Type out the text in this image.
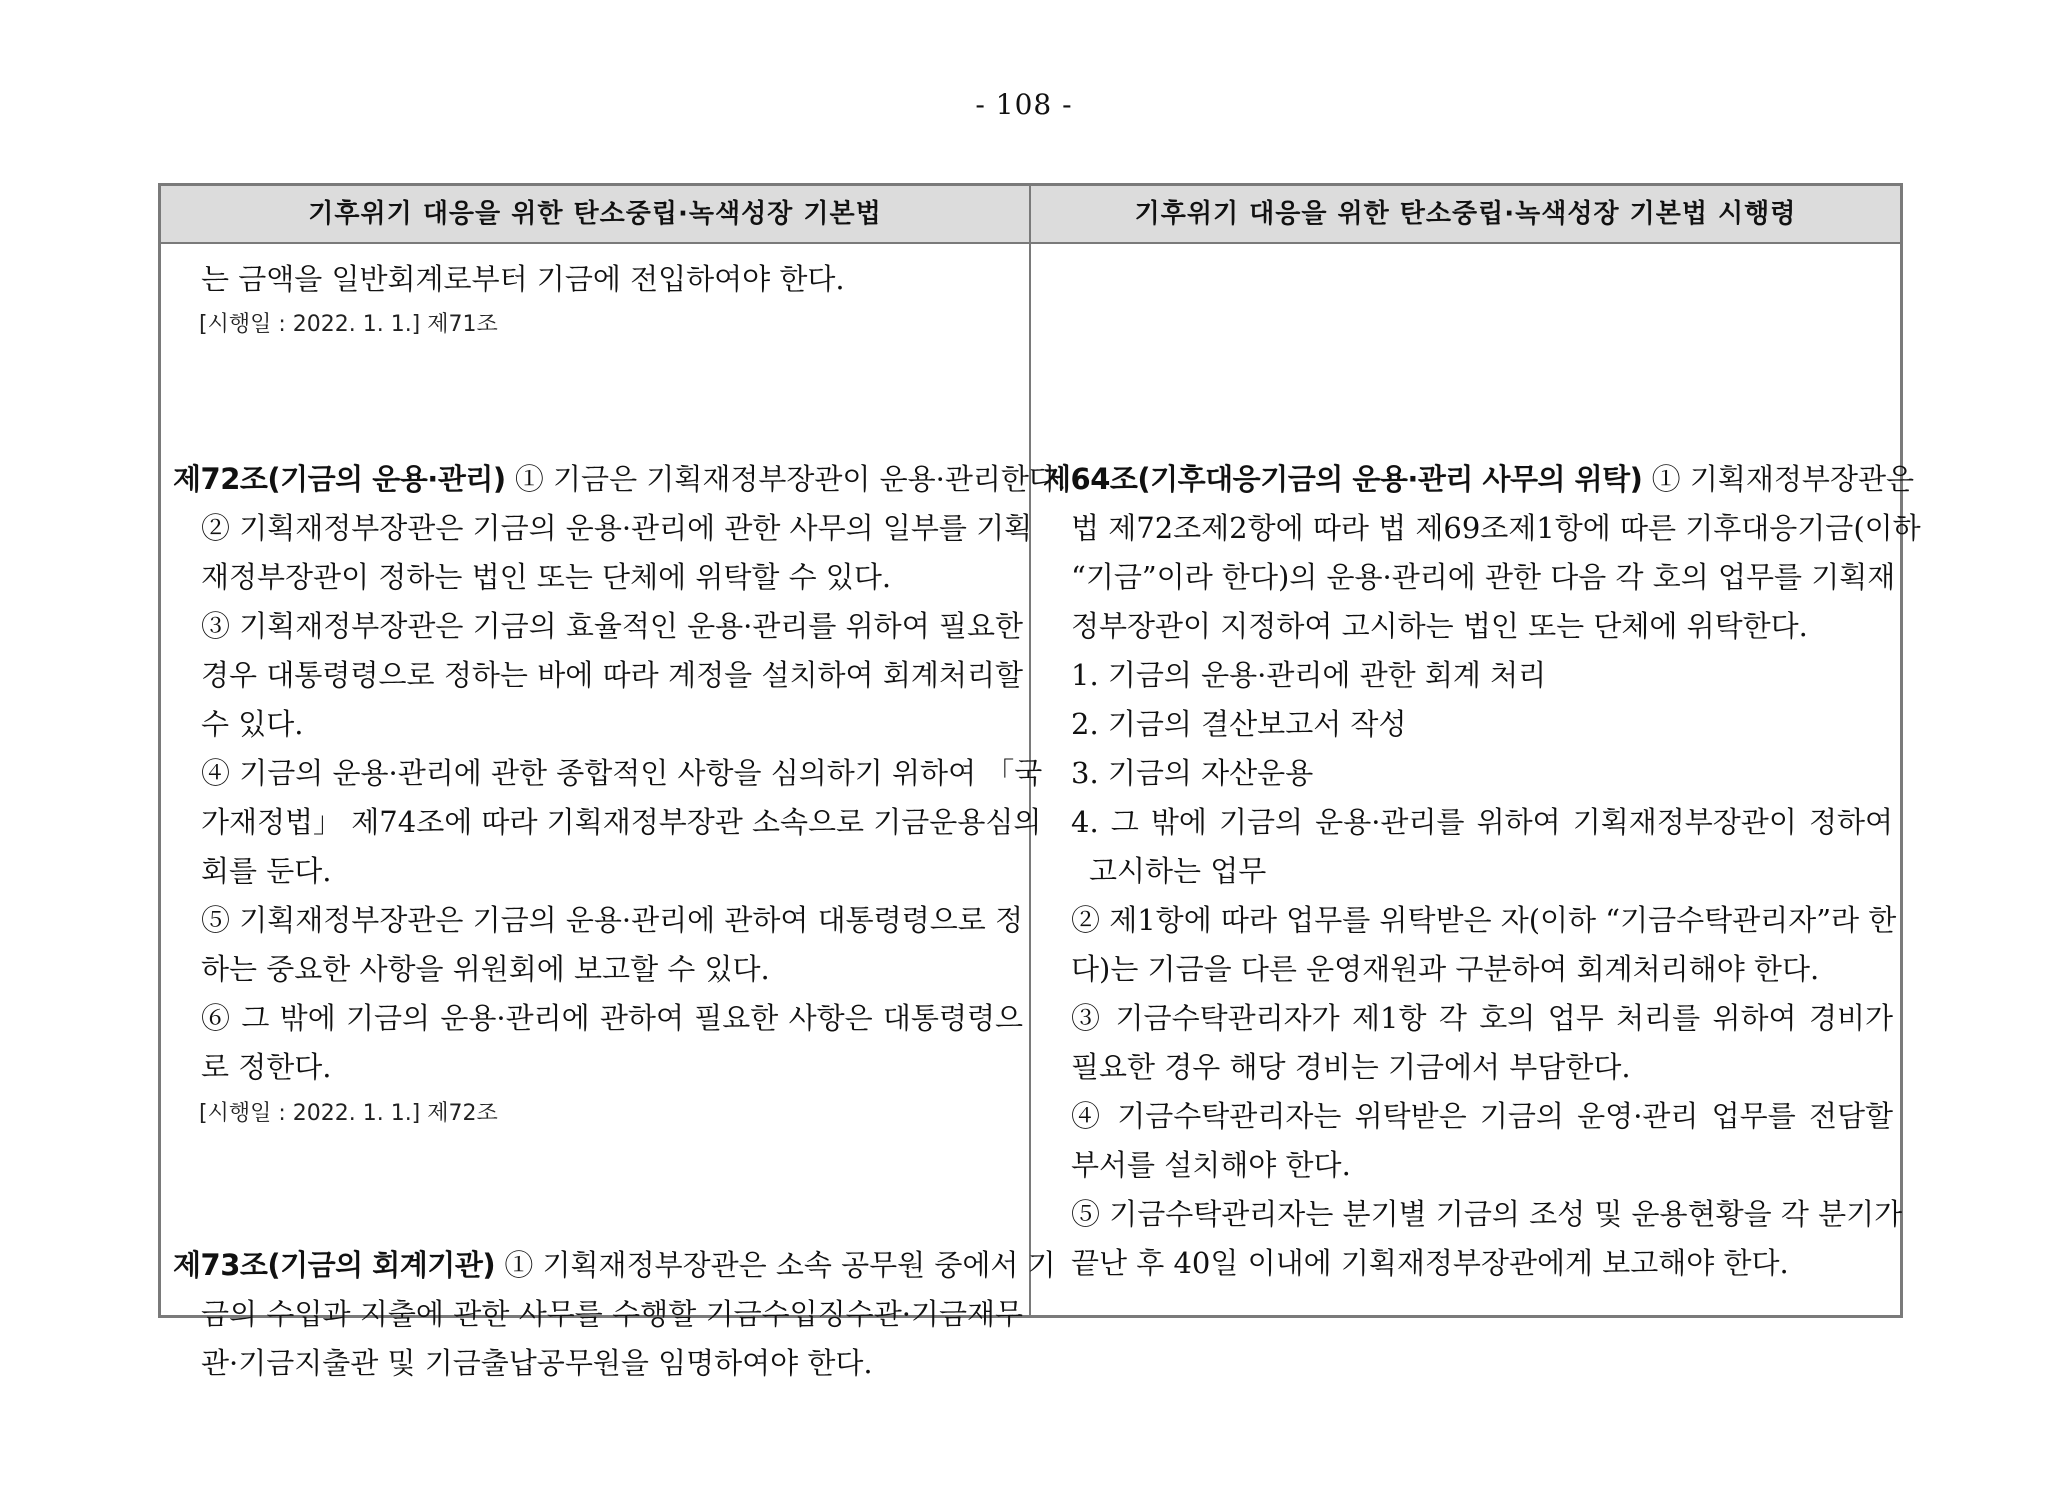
- 108 -
기후위기 대응을 위한 탄소중립·녹색성장 기본법	기후위기 대응을 위한 탄소중립·녹색성장 기본법 시행령
는 금액을 일반회계로부터 기금에 전입하여야 한다.
[시행일 : 2022. 1. 1.] 제71조
제72조(기금의 운용·관리) ① 기금은 기획재정부장관이 운용·관리한다.
② 기획재정부장관은 기금의 운용·관리에 관한 사무의 일부를 기획
재정부장관이 정하는 법인 또는 단체에 위탁할 수 있다.
③ 기획재정부장관은 기금의 효율적인 운용·관리를 위하여 필요한
경우 대통령령으로 정하는 바에 따라 계정을 설치하여 회계처리할
수 있다.
④ 기금의 운용·관리에 관한 종합적인 사항을 심의하기 위하여 「국
가재정법」 제74조에 따라 기획재정부장관 소속으로 기금운용심의
회를 둔다.
⑤ 기획재정부장관은 기금의 운용·관리에 관하여 대통령령으로 정
하는 중요한 사항을 위원회에 보고할 수 있다.
⑥ 그 밖에 기금의 운용·관리에 관하여 필요한 사항은 대통령령으
로 정한다.
[시행일 : 2022. 1. 1.] 제72조
제73조(기금의 회계기관) ① 기획재정부장관은 소속 공무원 중에서 기
금의 수입과 지출에 관한 사무를 수행할 기금수입징수관·기금재무
관·기금지출관 및 기금출납공무원을 임명하여야 한다.
제64조(기후대응기금의 운용·관리 사무의 위탁) ① 기획재정부장관은
법 제72조제2항에 따라 법 제69조제1항에 따른 기후대응기금(이하
“기금”이라 한다)의 운용·관리에 관한 다음 각 호의 업무를 기획재
정부장관이 지정하여 고시하는 법인 또는 단체에 위탁한다.
1. 기금의 운용·관리에 관한 회계 처리
2. 기금의 결산보고서 작성
3. 기금의 자산운용
4. 그 밖에 기금의 운용·관리를 위하여 기획재정부장관이 정하여
고시하는 업무
② 제1항에 따라 업무를 위탁받은 자(이하 “기금수탁관리자”라 한
다)는 기금을 다른 운영재원과 구분하여 회계처리해야 한다.
③ 기금수탁관리자가 제1항 각 호의 업무 처리를 위하여 경비가
필요한 경우 해당 경비는 기금에서 부담한다.
④ 기금수탁관리자는 위탁받은 기금의 운영·관리 업무를 전담할
부서를 설치해야 한다.
⑤ 기금수탁관리자는 분기별 기금의 조성 및 운용현황을 각 분기가
끝난 후 40일 이내에 기획재정부장관에게 보고해야 한다.
